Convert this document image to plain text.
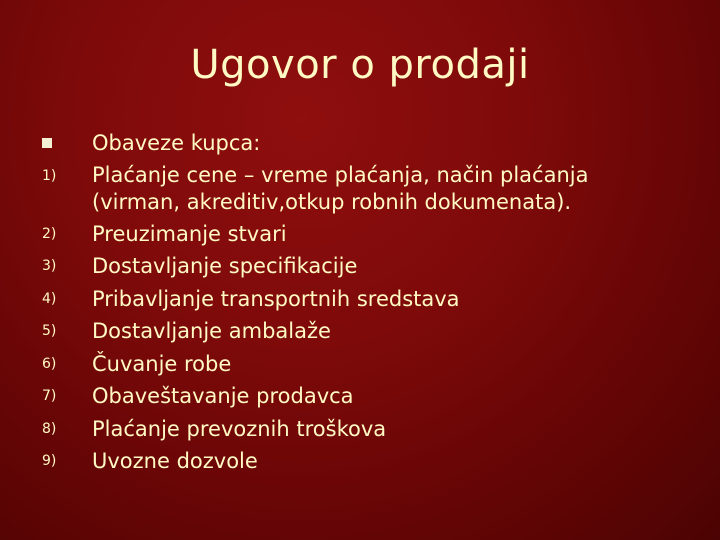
Ugovor o prodaji
Obaveze kupca:
1) Plaćanje cene – vreme plaćanja, način plaćanja
(virman, akreditiv,otkup robnih dokumenata).
2) Preuzimanje stvari
3) Dostavljanje specifikacije
4) Pribavljanje transportnih sredstava
5) Dostavljanje ambalaže
6) Čuvanje robe
7) Obaveštavanje prodavca
8) Plaćanje prevoznih troškova
9) Uvozne dozvole
